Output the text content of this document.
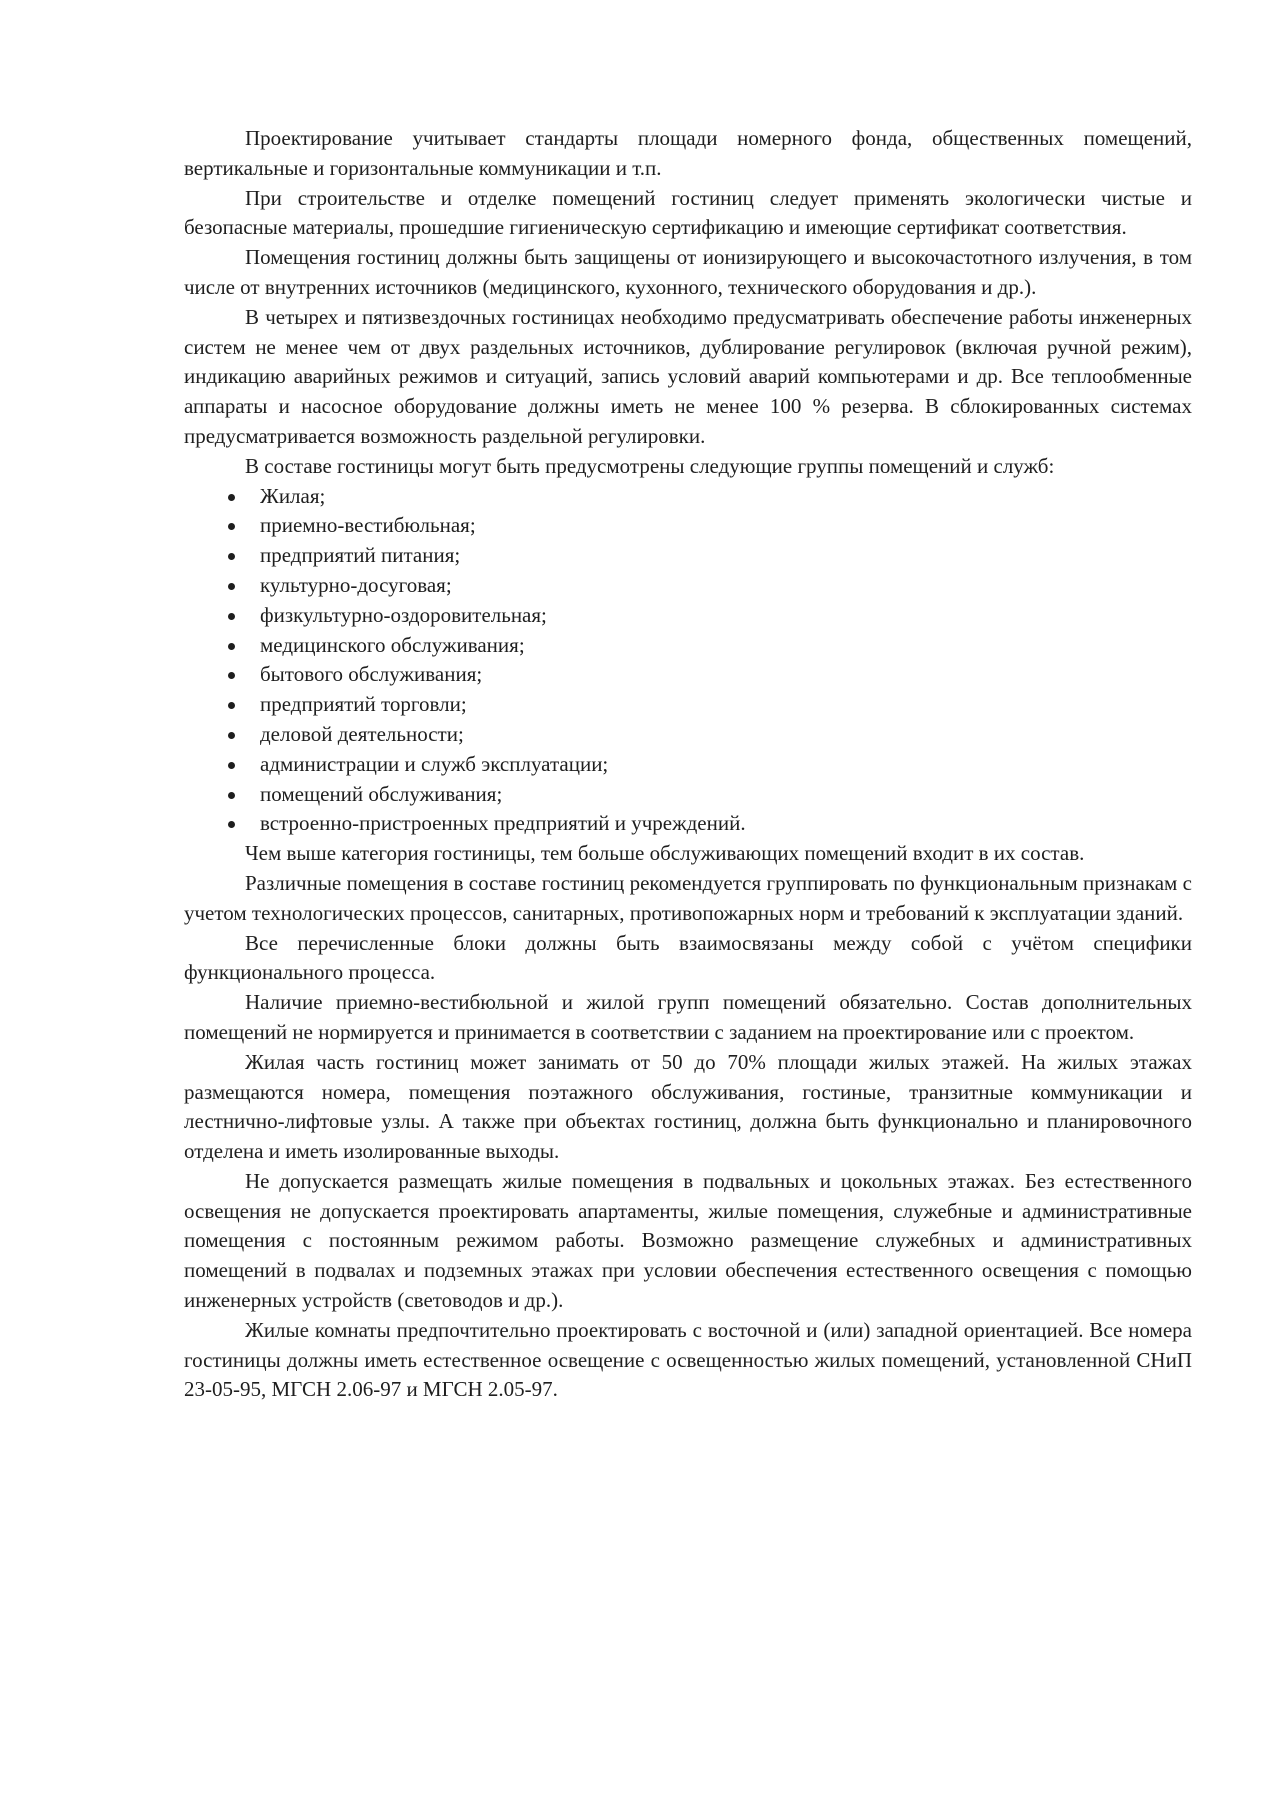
Проектирование учитывает стандарты площади номерного фонда, общественных помещений, вертикальные и горизонтальные коммуникации и т.п.

При строительстве и отделке помещений гостиниц следует применять экологически чистые и безопасные материалы, прошедшие гигиеническую сертификацию и имеющие сертификат соответствия.

Помещения гостиниц должны быть защищены от ионизирующего и высокочастотного излучения, в том числе от внутренних источников (медицинского, кухонного, технического оборудования и др.).

В четырех и пятизвездочных гостиницах необходимо предусматривать обеспечение работы инженерных систем не менее чем от двух раздельных источников, дублирование регулировок (включая ручной режим), индикацию аварийных режимов и ситуаций, запись условий аварий компьютерами и др. Все теплообменные аппараты и насосное оборудование должны иметь не менее 100 % резерва. В сблокированных системах предусматривается возможность раздельной регулировки.

В составе гостиницы могут быть предусмотрены следующие группы помещений и служб:

Жилая;
приемно-вестибюльная;
предприятий питания;
культурно-досуговая;
физкультурно-оздоровительная;
медицинского обслуживания;
бытового обслуживания;
предприятий торговли;
деловой деятельности;
администрации и служб эксплуатации;
помещений обслуживания;
встроенно-пристроенных предприятий и учреждений.

Чем выше категория гостиницы, тем больше обслуживающих помещений входит в их состав.

Различные помещения в составе гостиниц рекомендуется группировать по функциональным признакам с учетом технологических процессов, санитарных, противопожарных норм и требований к эксплуатации зданий.

Все перечисленные блоки должны быть взаимосвязаны между собой с учётом специфики функционального процесса.

Наличие приемно-вестибюльной и жилой групп помещений обязательно. Состав дополнительных помещений не нормируется и принимается в соответствии с заданием на проектирование или с проектом.

Жилая часть гостиниц может занимать от 50 до 70% площади жилых этажей. На жилых этажах размещаются номера, помещения поэтажного обслуживания, гостиные, транзитные коммуникации и лестнично-лифтовые узлы. А также при объектах гостиниц, должна быть функционально и планировочного отделена и иметь изолированные выходы.

Не допускается размещать жилые помещения в подвальных и цокольных этажах. Без естественного освещения не допускается проектировать апартаменты, жилые помещения, служебные и административные помещения с постоянным режимом работы. Возможно размещение служебных и административных помещений в подвалах и подземных этажах при условии обеспечения естественного освещения с помощью инженерных устройств (световодов и др.).

Жилые комнаты предпочтительно проектировать с восточной и (или) западной ориентацией. Все номера гостиницы должны иметь естественное освещение с освещенностью жилых помещений, установленной СНиП 23-05-95, МГСН 2.06-97 и МГСН 2.05-97.
